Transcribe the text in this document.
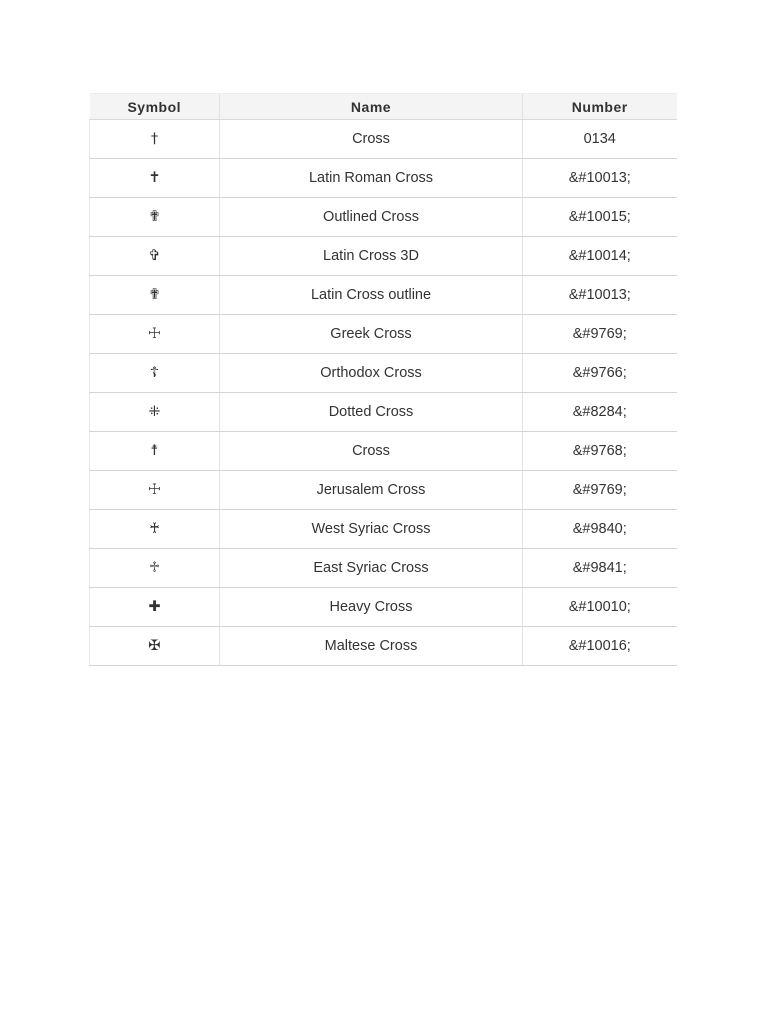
Symbol	Name	Number
†	Cross	0134
✝	Latin Roman Cross	&#10013;
✟	Outlined Cross	&#10015;
✞	Latin Cross 3D	&#10014;
✟	Latin Cross outline	&#10013;
☩	Greek Cross	&#9769;
☦	Orthodox Cross	&#9766;
⁜	Dotted Cross	&#8284;
☨	Cross	&#9768;
☩	Jerusalem Cross	&#9769;
♰	West Syriac Cross	&#9840;
♱	East Syriac Cross	&#9841;
✚	Heavy Cross	&#10010;
✠	Maltese Cross	&#10016;
